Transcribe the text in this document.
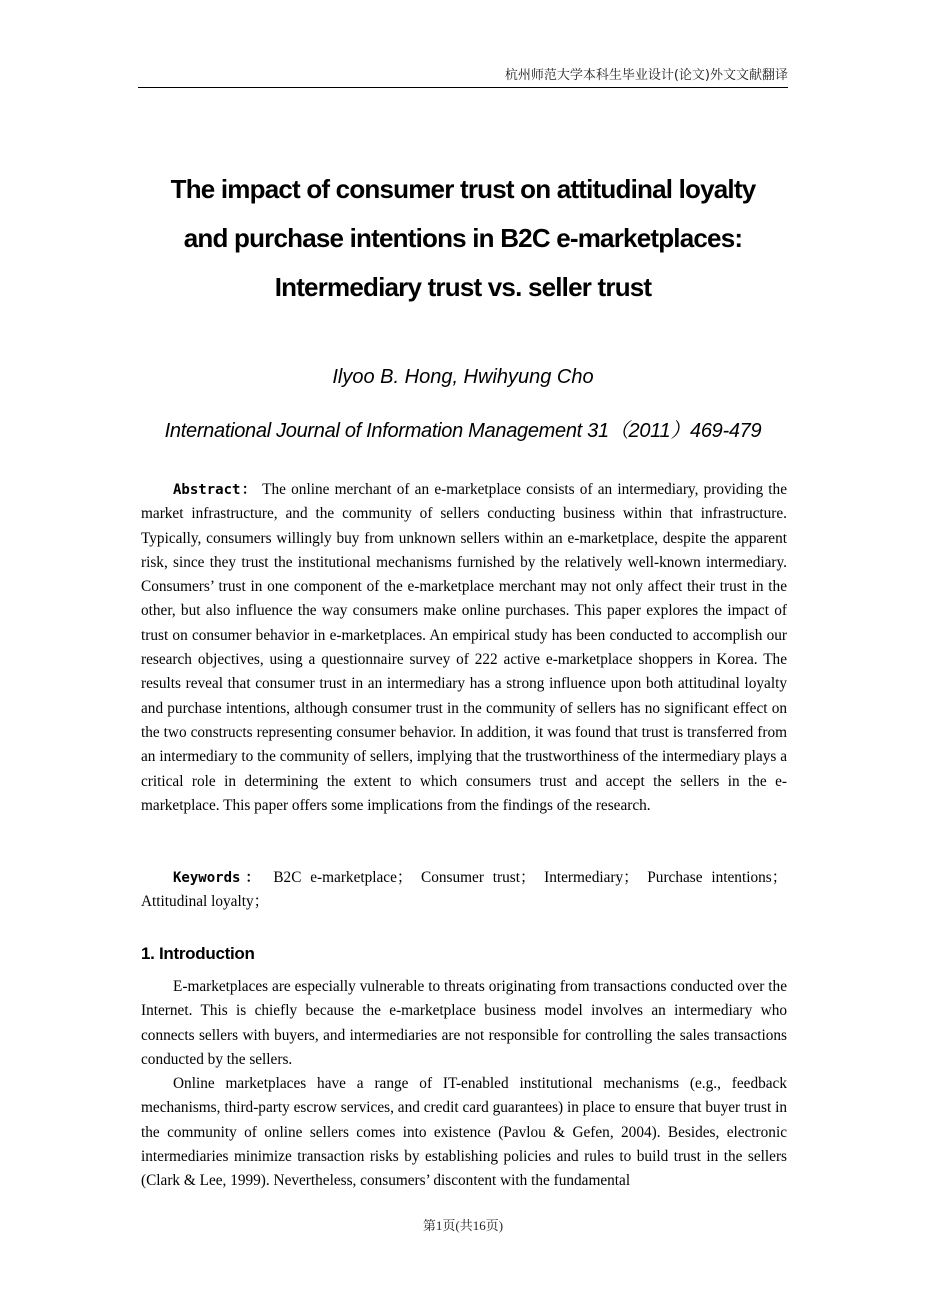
杭州师范大学本科生毕业设计(论文)外文文献翻译
The impact of consumer trust on attitudinal loyalty
and purchase intentions in B2C e-marketplaces:
Intermediary trust vs. seller trust
Ilyoo B. Hong, Hwihyung Cho
International Journal of Information Management 31（2011）469-479
Abstract： The online merchant of an e-marketplace consists of an intermediary, providing the market infrastructure, and the community of sellers conducting business within that infrastructure. Typically, consumers willingly buy from unknown sellers within an e-marketplace, despite the apparent risk, since they trust the institutional mechanisms furnished by the relatively well-known intermediary. Consumers’ trust in one component of the e-marketplace merchant may not only affect their trust in the other, but also influence the way consumers make online purchases. This paper explores the impact of trust on consumer behavior in e-marketplaces. An empirical study has been conducted to accomplish our research objectives, using a questionnaire survey of 222 active e-marketplace shoppers in Korea. The results reveal that consumer trust in an intermediary has a strong influence upon both attitudinal loyalty and purchase intentions, although consumer trust in the community of sellers has no significant effect on the two constructs representing consumer behavior. In addition, it was found that trust is transferred from an intermediary to the community of sellers, implying that the trustworthiness of the intermediary plays a critical role in determining the extent to which consumers trust and accept the sellers in the e-marketplace. This paper offers some implications from the findings of the research.
Keywords： B2C e-marketplace； Consumer trust； Intermediary； Purchase intentions； Attitudinal loyalty；
1. Introduction

E-marketplaces are especially vulnerable to threats originating from transactions conducted over the Internet. This is chiefly because the e-marketplace business model involves an intermediary who connects sellers with buyers, and intermediaries are not responsible for controlling the sales transactions conducted by the sellers.

Online marketplaces have a range of IT-enabled institutional mechanisms (e.g., feedback mechanisms, third-party escrow services, and credit card guarantees) in place to ensure that buyer trust in the community of online sellers comes into existence (Pavlou & Gefen, 2004). Besides, electronic intermediaries minimize transaction risks by establishing policies and rules to build trust in the sellers (Clark & Lee, 1999). Nevertheless, consumers’ discontent with the fundamental

第1页(共16页)
